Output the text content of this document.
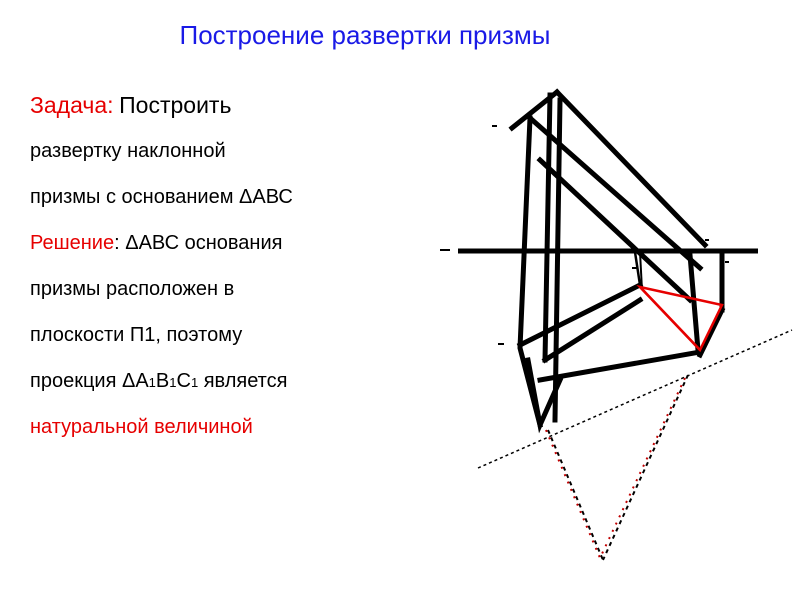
Построение развертки призмы
Задача: Построить
развертку наклонной
призмы с основанием ΔАВС
Решение: ΔАВС основания
призмы расположен в
плоскости П1, поэтому
проекция ΔА1В1С1 является
натуральной величиной
